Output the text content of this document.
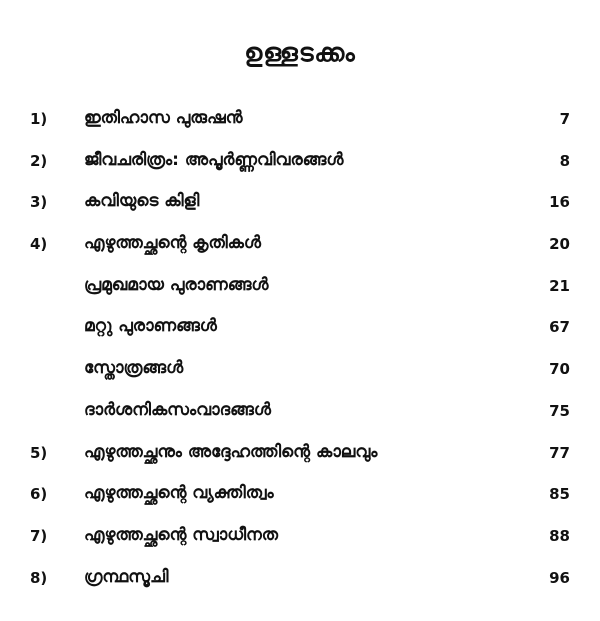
ഉള്ളടക്കം
1) ഇതിഹാസ പുരുഷൻ	7
2) ജീവചരിത്രം: അപൂർണ്ണവിവരങ്ങൾ	8
3) കവിയുടെ കിളി	16
4) എഴുത്തച്ഛന്റെ കൃതികൾ	20
പ്രമുഖമായ പുരാണങ്ങൾ	21
മറ്റു പുരാണങ്ങൾ	67
സ്തോത്രങ്ങൾ	70
ദാർശനികസംവാദങ്ങൾ	75
5) എഴുത്തച്ഛനും അദ്ദേഹത്തിന്റെ കാലവും	77
6) എഴുത്തച്ഛന്റെ വ്യക്തിത്വം	85
7) എഴുത്തച്ഛന്റെ സ്വാധീനത	88
8) ഗ്രന്ഥസൂചി	96
